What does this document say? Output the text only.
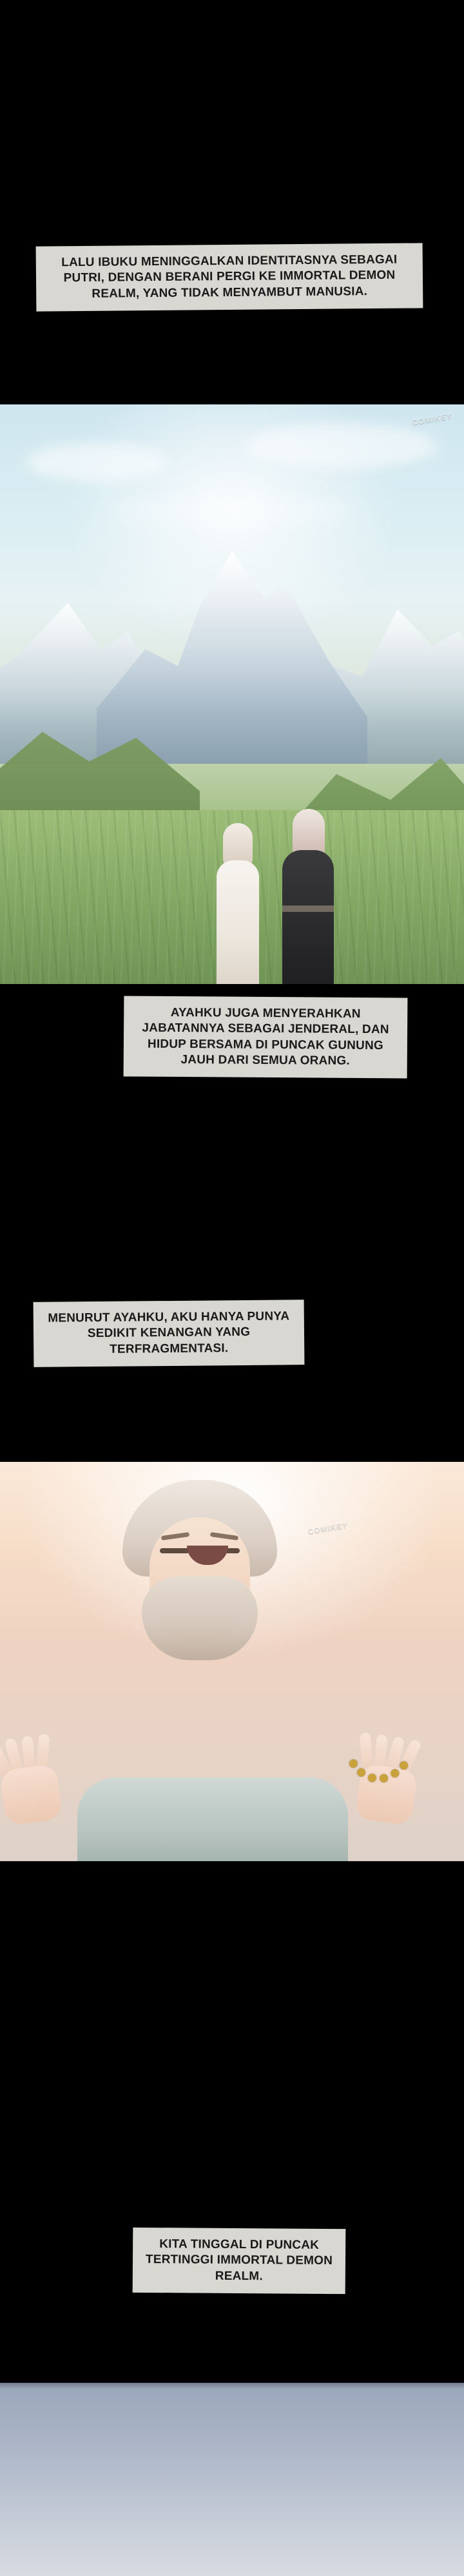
LALU IBUKU MENINGGALKAN IDENTITASNYA SEBAGAI PUTRI, DENGAN BERANI PERGI KE IMMORTAL DEMON REALM, YANG TIDAK MENYAMBUT MANUSIA.
COMIKEY
AYAHKU JUGA MENYERAHKAN JABATANNYA SEBAGAI JENDERAL, DAN HIDUP BERSAMA DI PUNCAK GUNUNG JAUH DARI SEMUA ORANG.
MENURUT AYAHKU, AKU HANYA PUNYA SEDIKIT KENANGAN YANG TERFRAGMENTASI.
COMIKEY
KITA TINGGAL DI PUNCAK TERTINGGI IMMORTAL DEMON REALM.
